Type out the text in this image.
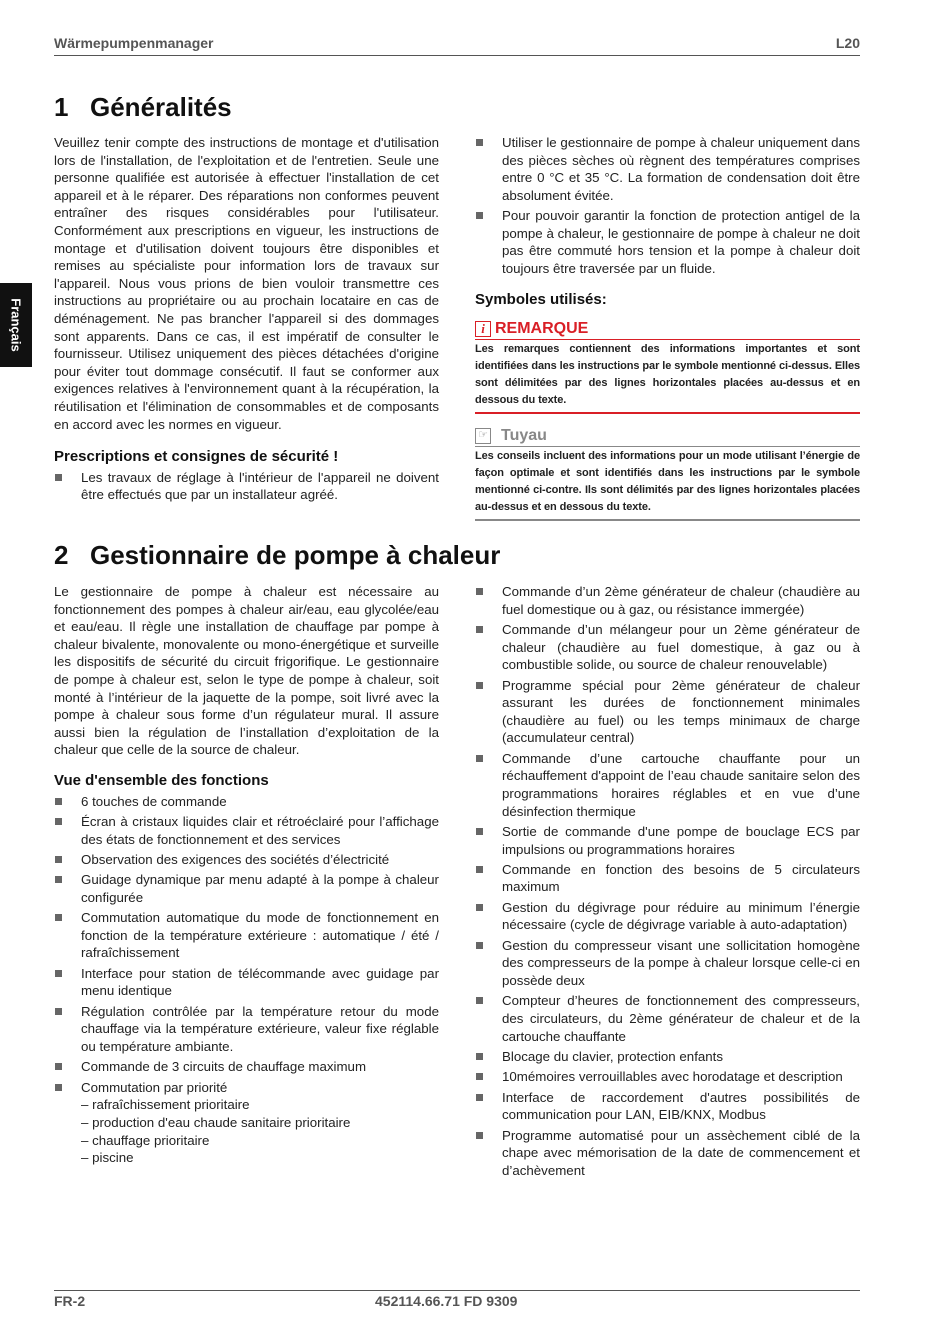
Wärmepumpenmanager	L20
Français
1 Généralités

Veuillez tenir compte des instructions de montage et d'utilisation lors de l'installation, de l'exploitation et de l'entretien. Seule une personne qualifiée est autorisée à effectuer l'installation de cet appareil et à le réparer. Des réparations non conformes peuvent entraîner des risques considérables pour l'utilisateur. Conformément aux prescriptions en vigueur, les instructions de montage et d'utilisation doivent toujours être disponibles et remises au spécialiste pour information lors de travaux sur l'appareil. Nous vous prions de bien vouloir transmettre ces instructions au propriétaire ou au prochain locataire en cas de déménagement. Ne pas brancher l'appareil si des dommages sont apparents. Dans ce cas, il est impératif de consulter le fournisseur. Utilisez uniquement des pièces détachées d'origine pour éviter tout dommage consécutif. Il faut se conformer aux exigences relatives à l'environnement quant à la récupération, la réutilisation et l'élimination de consommables et de composants en accord avec les normes en vigueur.

Prescriptions et consignes de sécurité !
Les travaux de réglage à l'intérieur de l'appareil ne doivent être effectués que par un installateur agréé.
Utiliser le gestionnaire de pompe à chaleur uniquement dans des pièces sèches où règnent des températures comprises entre 0 °C et 35 °C. La formation de condensation doit être absolument évitée.
Pour pouvoir garantir la fonction de protection antigel de la pompe à chaleur, le gestionnaire de pompe à chaleur ne doit pas être commuté hors tension et la pompe à chaleur doit toujours être traversée par un fluide.
Symboles utilisés:
i REMARQUE
Les remarques contiennent des informations importantes et sont identifiées dans les instructions par le symbole mentionné ci-dessus. Elles sont délimitées par des lignes horizontales placées au-dessus et en dessous du texte.
☞ Tuyau
Les conseils incluent des informations pour un mode utilisant l’énergie de façon optimale et sont identifiés dans les instructions par le symbole mentionné ci-contre. Ils sont délimités par des lignes horizontales placées au-dessus et en dessous du texte.
2 Gestionnaire de pompe à chaleur

Le gestionnaire de pompe à chaleur est nécessaire au fonctionnement des pompes à chaleur air/eau, eau glycolée/eau et eau/eau. Il règle une installation de chauffage par pompe à chaleur bivalente, monovalente ou mono-énergétique et surveille les dispositifs de sécurité du circuit frigorifique. Le gestionnaire de pompe à chaleur est, selon le type de pompe à chaleur, soit monté à l’intérieur de la jaquette de la pompe, soit livré avec la pompe à chaleur sous forme d’un régulateur mural. Il assure aussi bien la régulation de l’installation d’exploitation de la chaleur que celle de la source de chaleur.

Vue d'ensemble des fonctions
6 touches de commande
Écran à cristaux liquides clair et rétroéclairé pour l’affichage des états de fonctionnement et des services
Observation des exigences des sociétés d’électricité
Guidage dynamique par menu adapté à la pompe à chaleur configurée
Commutation automatique du mode de fonctionnement en fonction de la température extérieure : automatique / été / rafraîchissement
Interface pour station de télécommande avec guidage par menu identique
Régulation contrôlée par la température retour du mode chauffage via la température extérieure, valeur fixe réglable ou température ambiante.
Commande de 3 circuits de chauffage maximum
Commutation par priorité
– rafraîchissement prioritaire
– production d'eau chaude sanitaire prioritaire
– chauffage prioritaire
– piscine
Commande d’un 2ème générateur de chaleur (chaudière au fuel domestique ou à gaz, ou résistance immergée)
Commande d’un mélangeur pour un 2ème générateur de chaleur (chaudière au fuel domestique, à gaz ou à combustible solide, ou source de chaleur renouvelable)
Programme spécial pour 2ème générateur de chaleur assurant les durées de fonctionnement minimales (chaudière au fuel) ou les temps minimaux de charge (accumulateur central)
Commande d’une cartouche chauffante pour un réchauffement d'appoint de l’eau chaude sanitaire selon des programmations horaires réglables et en vue d’une désinfection thermique
Sortie de commande d'une pompe de bouclage ECS par impulsions ou programmations horaires
Commande en fonction des besoins de 5 circulateurs maximum
Gestion du dégivrage pour réduire au minimum l’énergie nécessaire (cycle de dégivrage variable à auto-adaptation)
Gestion du compresseur visant une sollicitation homogène des compresseurs de la pompe à chaleur lorsque celle-ci en possède deux
Compteur d’heures de fonctionnement des compresseurs, des circulateurs, du 2ème générateur de chaleur et de la cartouche chauffante
Blocage du clavier, protection enfants
10mémoires verrouillables avec horodatage et description
Interface de raccordement d'autres possibilités de communication pour LAN, EIB/KNX, Modbus
Programme automatisé pour un assèchement ciblé de la chape avec mémorisation de la date de commencement et d’achèvement
FR-2	452114.66.71 FD 9309
